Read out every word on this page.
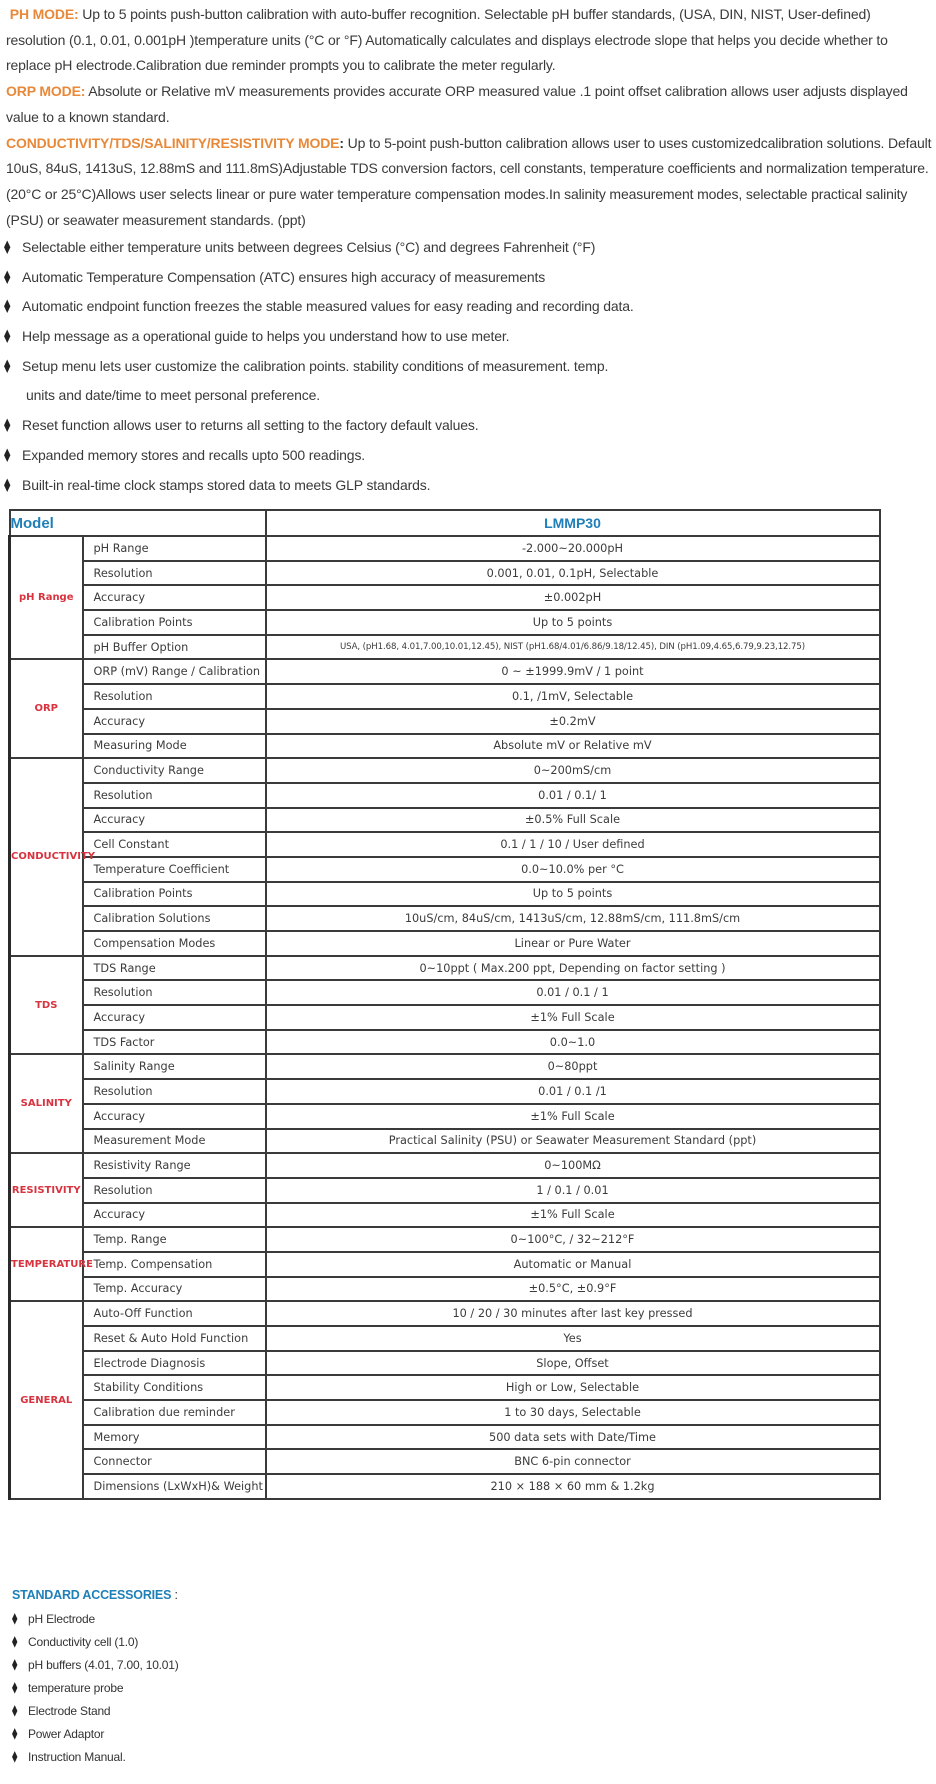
PH MODE: Up to 5 points push-button calibration with auto-buffer recognition. Selectable pH buffer standards, (USA, DIN, NIST, User-defined) resolution (0.1, 0.01, 0.001pH )temperature units (°C or °F) Automatically calculates and displays electrode slope that helps you decide whether to replace pH electrode.Calibration due reminder prompts you to calibrate the meter regularly.

ORP MODE: Absolute or Relative mV measurements provides accurate ORP measured value .1 point offset calibration allows user adjusts displayed value to a known standard.

CONDUCTIVITY/TDS/SALINITY/RESISTIVITY MODE: Up to 5-point push-button calibration allows user to uses customizedcalibration solutions. Default 10uS, 84uS, 1413uS, 12.88mS and 111.8mS)Adjustable TDS conversion factors, cell constants, temperature coefficients and normalization temperature. (20°C or 25°C)Allows user selects linear or pure water temperature compensation modes.In salinity measurement modes, selectable practical salinity (PSU) or seawater measurement standards. (ppt)

⧫ Selectable either temperature units between degrees Celsius (°C) and degrees Fahrenheit (°F)
⧫ Automatic Temperature Compensation (ATC) ensures high accuracy of measurements
⧫ Automatic endpoint function freezes the stable measured values for easy reading and recording data.
⧫ Help message as a operational guide to helps you understand how to use meter.
⧫ Setup menu lets user customize the calibration points. stability conditions of measurement. temp.
units and date/time to meet personal preference.
⧫ Reset function allows user to returns all setting to the factory default values.
⧫ Expanded memory stores and recalls upto 500 readings.
⧫ Built-in real-time clock stamps stored data to meets GLP standards.
Model		LMMP30
pH Range	pH Range	-2.000~20.000pH
	Resolution	0.001, 0.01, 0.1pH, Selectable
	Accuracy	±0.002pH
	Calibration Points	Up to 5 points
	pH Buffer Option	USA, (pH1.68, 4.01,7.00,10.01,12.45), NIST (pH1.68/4.01/6.86/9.18/12.45), DIN (pH1.09,4.65,6.79,9.23,12.75)
ORP	ORP (mV) Range / Calibration	0 ~ ±1999.9mV / 1 point
	Resolution	0.1, /1mV, Selectable
	Accuracy	±0.2mV
	Measuring Mode	Absolute mV or Relative mV
CONDUCTIVITY	Conductivity Range	0~200mS/cm
	Resolution	0.01 / 0.1/ 1
	Accuracy	±0.5% Full Scale
	Cell Constant	0.1 / 1 / 10 / User defined
	Temperature Coefficient	0.0~10.0% per °C
	Calibration Points	Up to 5 points
	Calibration Solutions	10uS/cm, 84uS/cm, 1413uS/cm, 12.88mS/cm, 111.8mS/cm
	Compensation Modes	Linear or Pure Water
TDS	TDS Range	0~10ppt ( Max.200 ppt, Depending on factor setting )
	Resolution	0.01 / 0.1 / 1
	Accuracy	±1% Full Scale
	TDS Factor	0.0~1.0
SALINITY	Salinity Range	0~80ppt
	Resolution	0.01 / 0.1 /1
	Accuracy	±1% Full Scale
	Measurement Mode	Practical Salinity (PSU) or Seawater Measurement Standard (ppt)
RESISTIVITY	Resistivity Range	0~100MΩ
	Resolution	1 / 0.1 / 0.01
	Accuracy	±1% Full Scale
TEMPERATURE	Temp. Range	0~100°C, / 32~212°F
	Temp. Compensation	Automatic or Manual
	Temp. Accuracy	±0.5°C, ±0.9°F
GENERAL	Auto-Off Function	10 / 20 / 30 minutes after last key pressed
	Reset & Auto Hold Function	Yes
	Electrode Diagnosis	Slope, Offset
	Stability Conditions	High or Low, Selectable
	Calibration due reminder	1 to 30 days, Selectable
	Memory	500 data sets with Date/Time
	Connector	BNC 6-pin connector
	Dimensions (LxWxH)& Weight	210 × 188 × 60 mm & 1.2kg
STANDARD ACCESSORIES :
⧫ pH Electrode
⧫ Conductivity cell (1.0)
⧫ pH buffers (4.01, 7.00, 10.01)
⧫ temperature probe
⧫ Electrode Stand
⧫ Power Adaptor
⧫ Instruction Manual.
